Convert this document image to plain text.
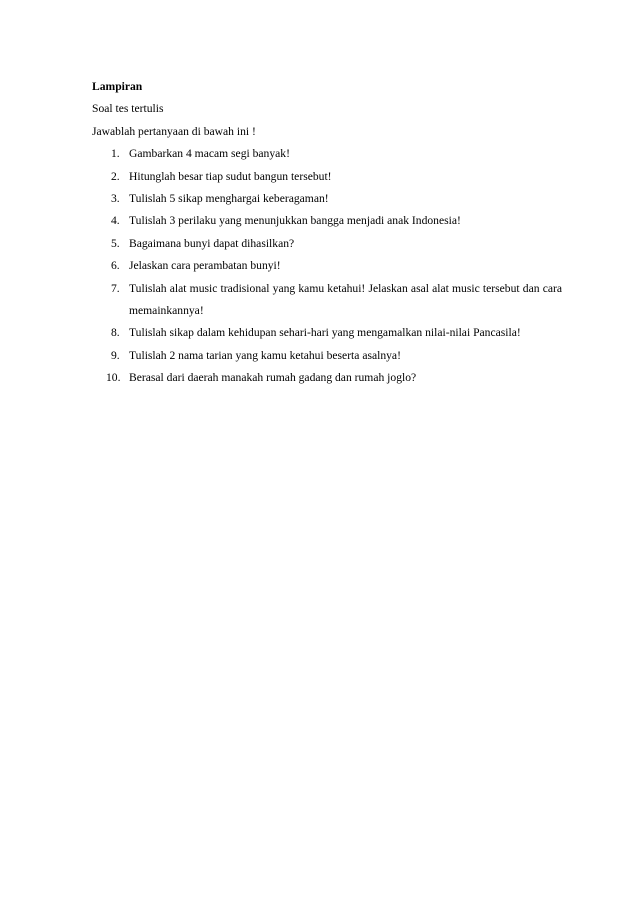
Lampiran
Soal tes tertulis
Jawablah pertanyaan di bawah ini !
1. Gambarkan 4 macam segi banyak!
2. Hitunglah besar tiap sudut bangun tersebut!
3. Tulislah 5 sikap menghargai keberagaman!
4. Tulislah 3 perilaku yang menunjukkan bangga menjadi anak Indonesia!
5. Bagaimana bunyi dapat dihasilkan?
6. Jelaskan cara perambatan bunyi!
7. Tulislah alat music tradisional yang kamu ketahui! Jelaskan asal alat music tersebut dan cara memainkannya!
8. Tulislah sikap dalam kehidupan sehari-hari yang mengamalkan nilai-nilai Pancasila!
9. Tulislah 2 nama tarian yang kamu ketahui beserta asalnya!
10. Berasal dari daerah manakah rumah gadang dan rumah joglo?
